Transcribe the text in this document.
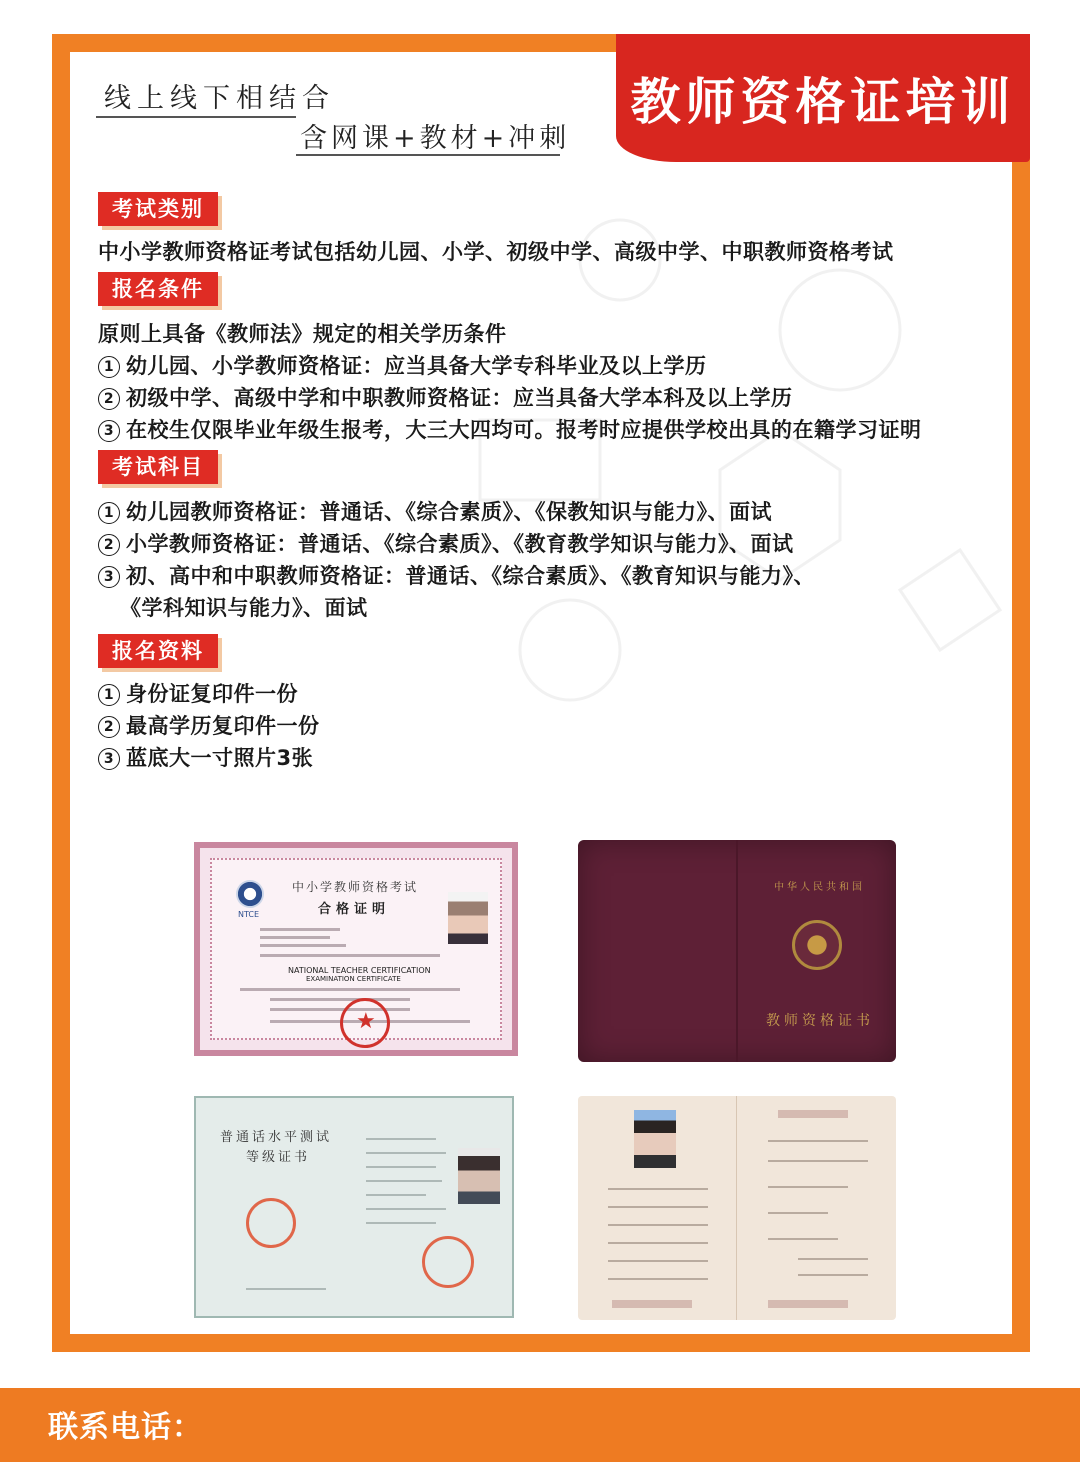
线上线下相结合
含网课+教材+冲刺
教师资格证培训
考试类别
中小学教师资格证考试包括幼儿园、小学、初级中学、高级中学、中职教师资格考试
报名条件
原则上具备《教师法》规定的相关学历条件
1 幼儿园、小学教师资格证：应当具备大学专科毕业及以上学历
2 初级中学、高级中学和中职教师资格证：应当具备大学本科及以上学历
3 在校生仅限毕业年级生报考，大三大四均可。报考时应提供学校出具的在籍学习证明
考试科目
1 幼儿园教师资格证：普通话、《综合素质》、《保教知识与能力》、面试
2 小学教师资格证：普通话、《综合素质》、《教育教学知识与能力》、面试
3 初、高中和中职教师资格证：普通话、《综合素质》、《教育知识与能力》、
《学科知识与能力》、面试
报名资料
1 身份证复印件一份
2 最高学历复印件一份
3 蓝底大一寸照片3张
NTCE
中小学教师资格考试
合格证明
NATIONAL TEACHER CERTIFICATION
EXAMINATION CERTIFICATE
★
中华人民共和国
教师资格证书
普通话水平测试
等级证书
联系电话：
